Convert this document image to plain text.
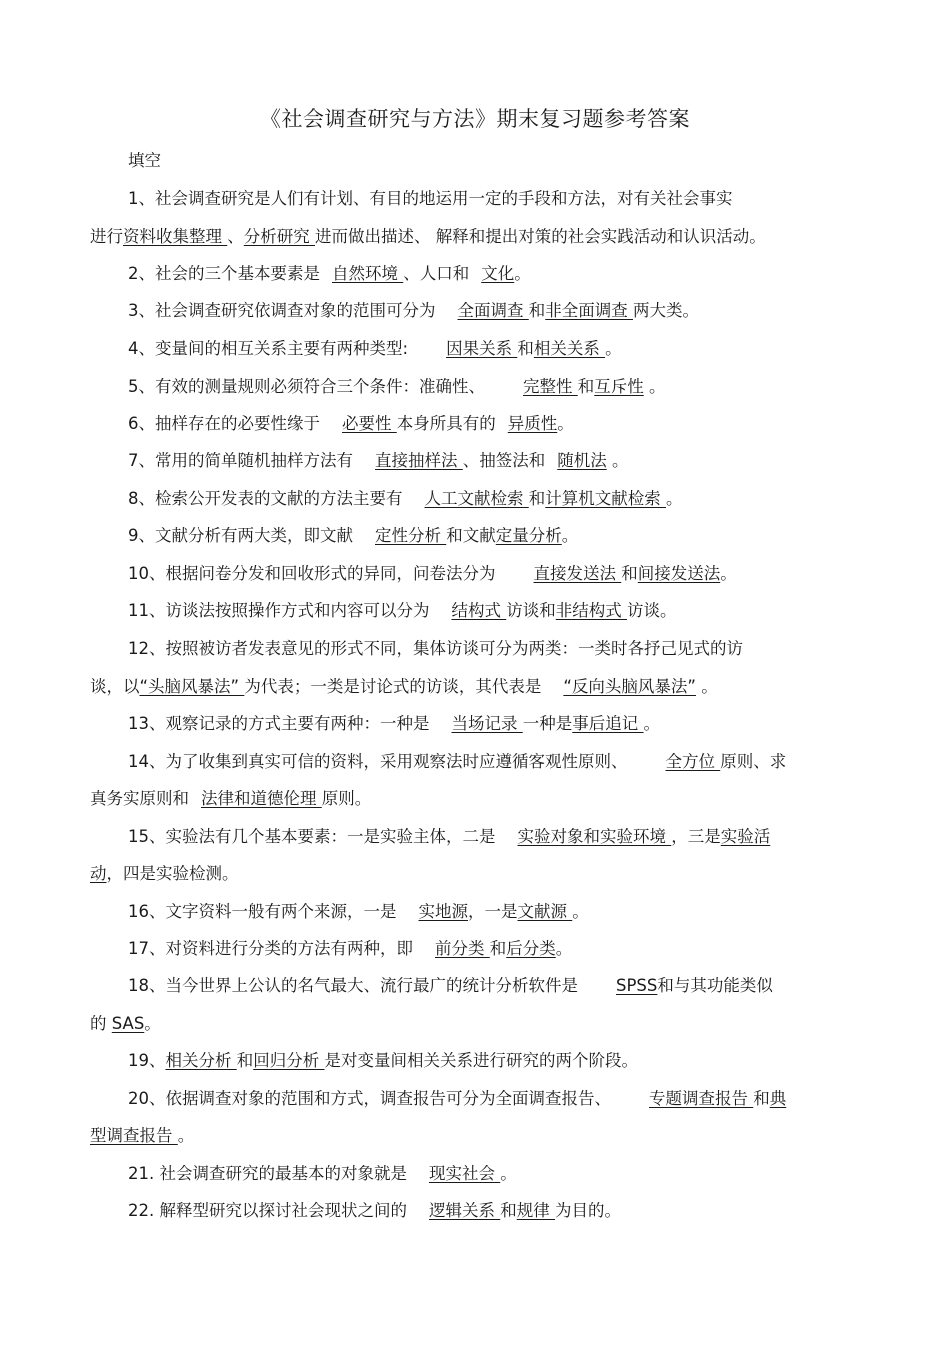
《社会调查研究与方法》期末复习题参考答案
填空
1、社会调查研究是人们有计划、有目的地运用一定的手段和方法，对有关社会事实
进行资料收集整理 、分析研究 进而做出描述、 解释和提出对策的社会实践活动和认识活动。
2、社会的三个基本要素是 自然环境 、人口和 文化。
3、社会调查研究依调查对象的范围可分为 全面调查 和非全面调查 两大类。
4、变量间的相互关系主要有两种类型: 因果关系 和相关关系 。
5、有效的测量规则必须符合三个条件：准确性、 完整性 和互斥性 。
6、抽样存在的必要性缘于 必要性 本身所具有的 异质性。
7、常用的简单随机抽样方法有 直接抽样法 、抽签法和 随机法 。
8、检索公开发表的文献的方法主要有 人工文献检索 和计算机文献检索 。
9、文献分析有两大类，即文献 定性分析 和文献定量分析。
10、根据问卷分发和回收形式的异同，问卷法分为 直接发送法 和间接发送法。
11、访谈法按照操作方式和内容可以分为 结构式 访谈和非结构式 访谈。
12、按照被访者发表意见的形式不同，集体访谈可分为两类：一类时各抒己见式的访
谈，以“头脑风暴法” 为代表；一类是讨论式的访谈，其代表是 “反向头脑风暴法” 。
13、观察记录的方式主要有两种：一种是 当场记录 一种是事后追记 。
14、为了收集到真实可信的资料，采用观察法时应遵循客观性原则、 全方位 原则、求
真务实原则和 法律和道德伦理 原则。
15、实验法有几个基本要素：一是实验主体，二是 实验对象和实验环境 ，三是实验活
动，四是实验检测。
16、文字资料一般有两个来源，一是 实地源，一是文献源 。
17、对资料进行分类的方法有两种，即 前分类 和后分类。
18、当今世界上公认的名气最大、流行最广的统计分析软件是 SPSS和与其功能类似
的 SAS。
19、相关分析 和回归分析 是对变量间相关关系进行研究的两个阶段。
20、依据调查对象的范围和方式，调查报告可分为全面调查报告、 专题调查报告 和典
型调查报告 。
21. 社会调查研究的最基本的对象就是 现实社会 。
22. 解释型研究以探讨社会现状之间的 逻辑关系 和规律 为目的。
